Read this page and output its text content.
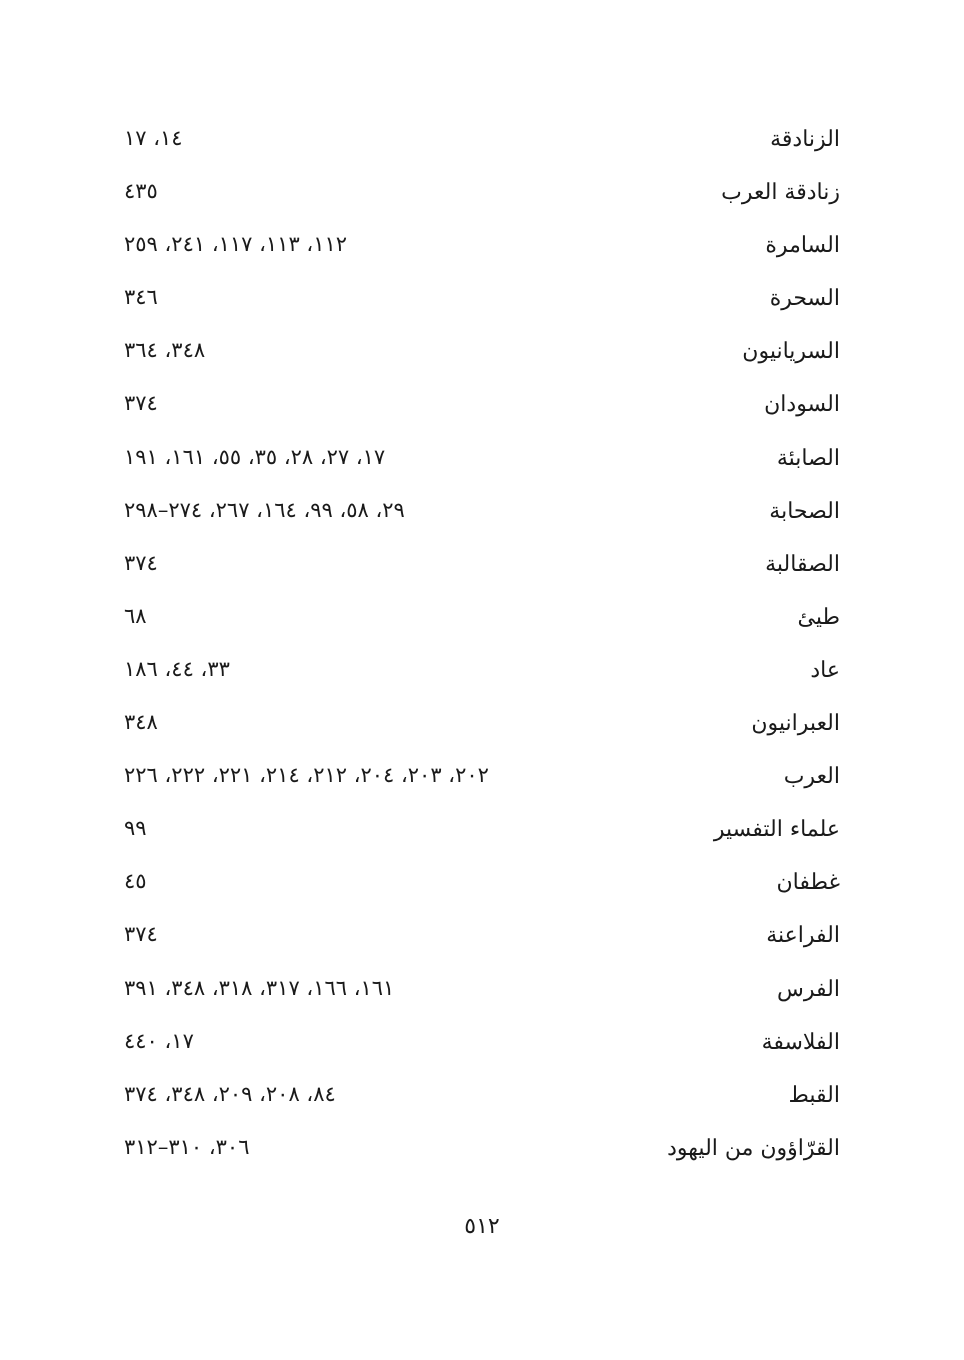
الزنادقة
١٤، ١٧
زنادقة العرب
٤٣٥
السامرة
١١٢، ١١٣، ١١٧، ٢٤١، ٢٥٩
السحرة
٣٤٦
السريانيون
٣٤٨، ٣٦٤
السودان
٣٧٤
الصابئة
١٧، ٢٧، ٢٨، ٣٥، ٥٥، ١٦١، ١٩١
الصحابة
٢٩، ٥٨، ٩٩، ١٦٤، ٢٦٧، ٢٧٤–٢٩٨
الصقالبة
٣٧٤
طيئ
٦٨
عاد
٣٣، ٤٤، ١٨٦
العبرانيون
٣٤٨
العرب
٢٠٢، ٢٠٣، ٢٠٤، ٢١٢، ٢١٤، ٢٢١، ٢٢٢، ٢٢٦
علماء التفسير
٩٩
غطفان
٤٥
الفراعنة
٣٧٤
الفرس
١٦١، ١٦٦، ٣١٧، ٣١٨، ٣٤٨، ٣٩١
الفلاسفة
١٧، ٤٤٠
القبط
٨٤، ٢٠٨، ٢٠٩، ٣٤٨، ٣٧٤
القرّاؤون من اليهود
٣٠٦، ٣١٠–٣١٢
٥١٢
